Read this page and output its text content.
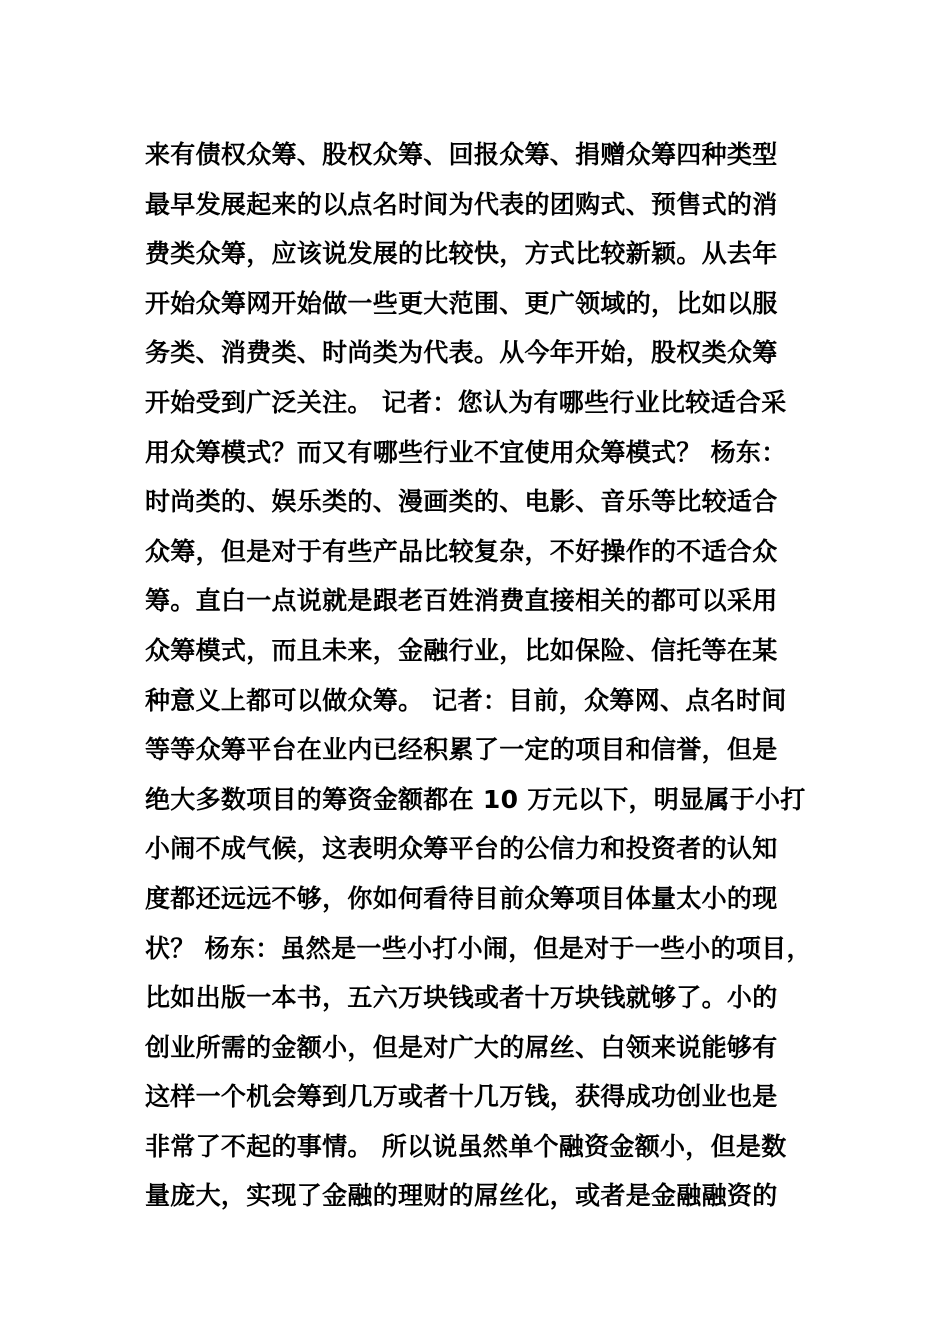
来有债权众筹、股权众筹、回报众筹、捐赠众筹四种类型
最早发展起来的以点名时间为代表的团购式、预售式的消
费类众筹，应该说发展的比较快，方式比较新颖。从去年
开始众筹网开始做一些更大范围、更广领域的，比如以服
务类、消费类、时尚类为代表。从今年开始，股权类众筹
开始受到广泛关注。 记者：您认为有哪些行业比较适合采
用众筹模式？而又有哪些行业不宜使用众筹模式？ 杨东：
时尚类的、娱乐类的、漫画类的、电影、音乐等比较适合
众筹，但是对于有些产品比较复杂，不好操作的不适合众
筹。直白一点说就是跟老百姓消费直接相关的都可以采用
众筹模式，而且未来，金融行业，比如保险、信托等在某
种意义上都可以做众筹。 记者：目前，众筹网、点名时间
等等众筹平台在业内已经积累了一定的项目和信誉，但是
绝大多数项目的筹资金额都在 10 万元以下，明显属于小打
小闹不成气候，这表明众筹平台的公信力和投资者的认知
度都还远远不够，你如何看待目前众筹项目体量太小的现
状？ 杨东：虽然是一些小打小闹，但是对于一些小的项目，
比如出版一本书，五六万块钱或者十万块钱就够了。小的
创业所需的金额小，但是对广大的屌丝、白领来说能够有
这样一个机会筹到几万或者十几万钱，获得成功创业也是
非常了不起的事情。 所以说虽然单个融资金额小，但是数
量庞大，实现了金融的理财的屌丝化，或者是金融融资的
